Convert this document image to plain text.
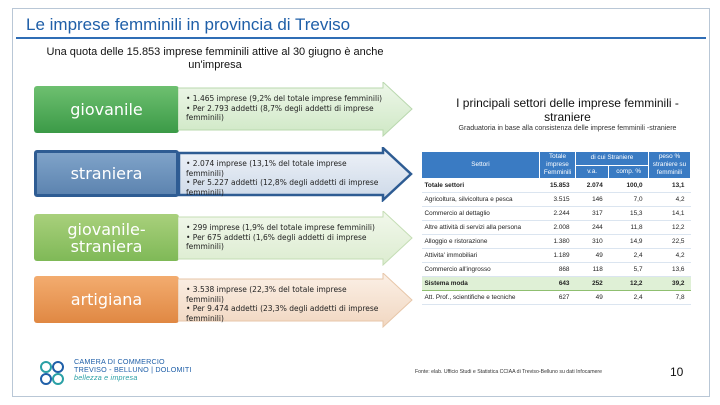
Le imprese femminili in provincia di Treviso
Una quota delle 15.853 imprese femminili attive al 30 giugno è anche un'impresa
giovanile
straniera
giovanile-straniera
artigiana
• 1.465 imprese (9,2% del totale imprese femminili)
• Per 2.793 addetti (8,7% degli addetti di imprese femminili)
• 2.074 imprese (13,1% del totale imprese femminili)
• Per 5.227 addetti (12,8% degli addetti di imprese femminili)
• 299 imprese (1,9% del totale imprese femminili)
• Per 675 addetti (1,6% degli addetti di imprese femminili)
• 3.538 imprese (22,3% del totale imprese femminili)
• Per 9.474 addetti (23,3% degli addetti di imprese femminili)
I principali settori delle imprese femminili -straniere
Graduatoria in base alla consistenza delle imprese femminili -straniere
Settori	Totale imprese Femminili	di cui Straniere		peso % straniere su femminili
		v.a.	comp. %	
Totale settori	15.853	2.074	100,0	13,1
Agricoltura, silvicoltura e pesca	3.515	146	7,0	4,2
Commercio al dettaglio	2.244	317	15,3	14,1
Altre attività di servizi alla persona	2.008	244	11,8	12,2
Alloggio e ristorazione	1.380	310	14,9	22,5
Attivita' immobiliari	1.189	49	2,4	4,2
Commercio all'ingrosso	868	118	5,7	13,6
Sistema moda	643	252	12,2	39,2
Att. Prof., scientifiche e tecniche	627	49	2,4	7,8
Fonte: elab. Ufficio Studi e Statistica CCIAA di Treviso-Belluno su dati Infocamere	10
CAMERA DI COMMERCIO
TREVISO - BELLUNO | DOLOMITI
bellezza e impresa
